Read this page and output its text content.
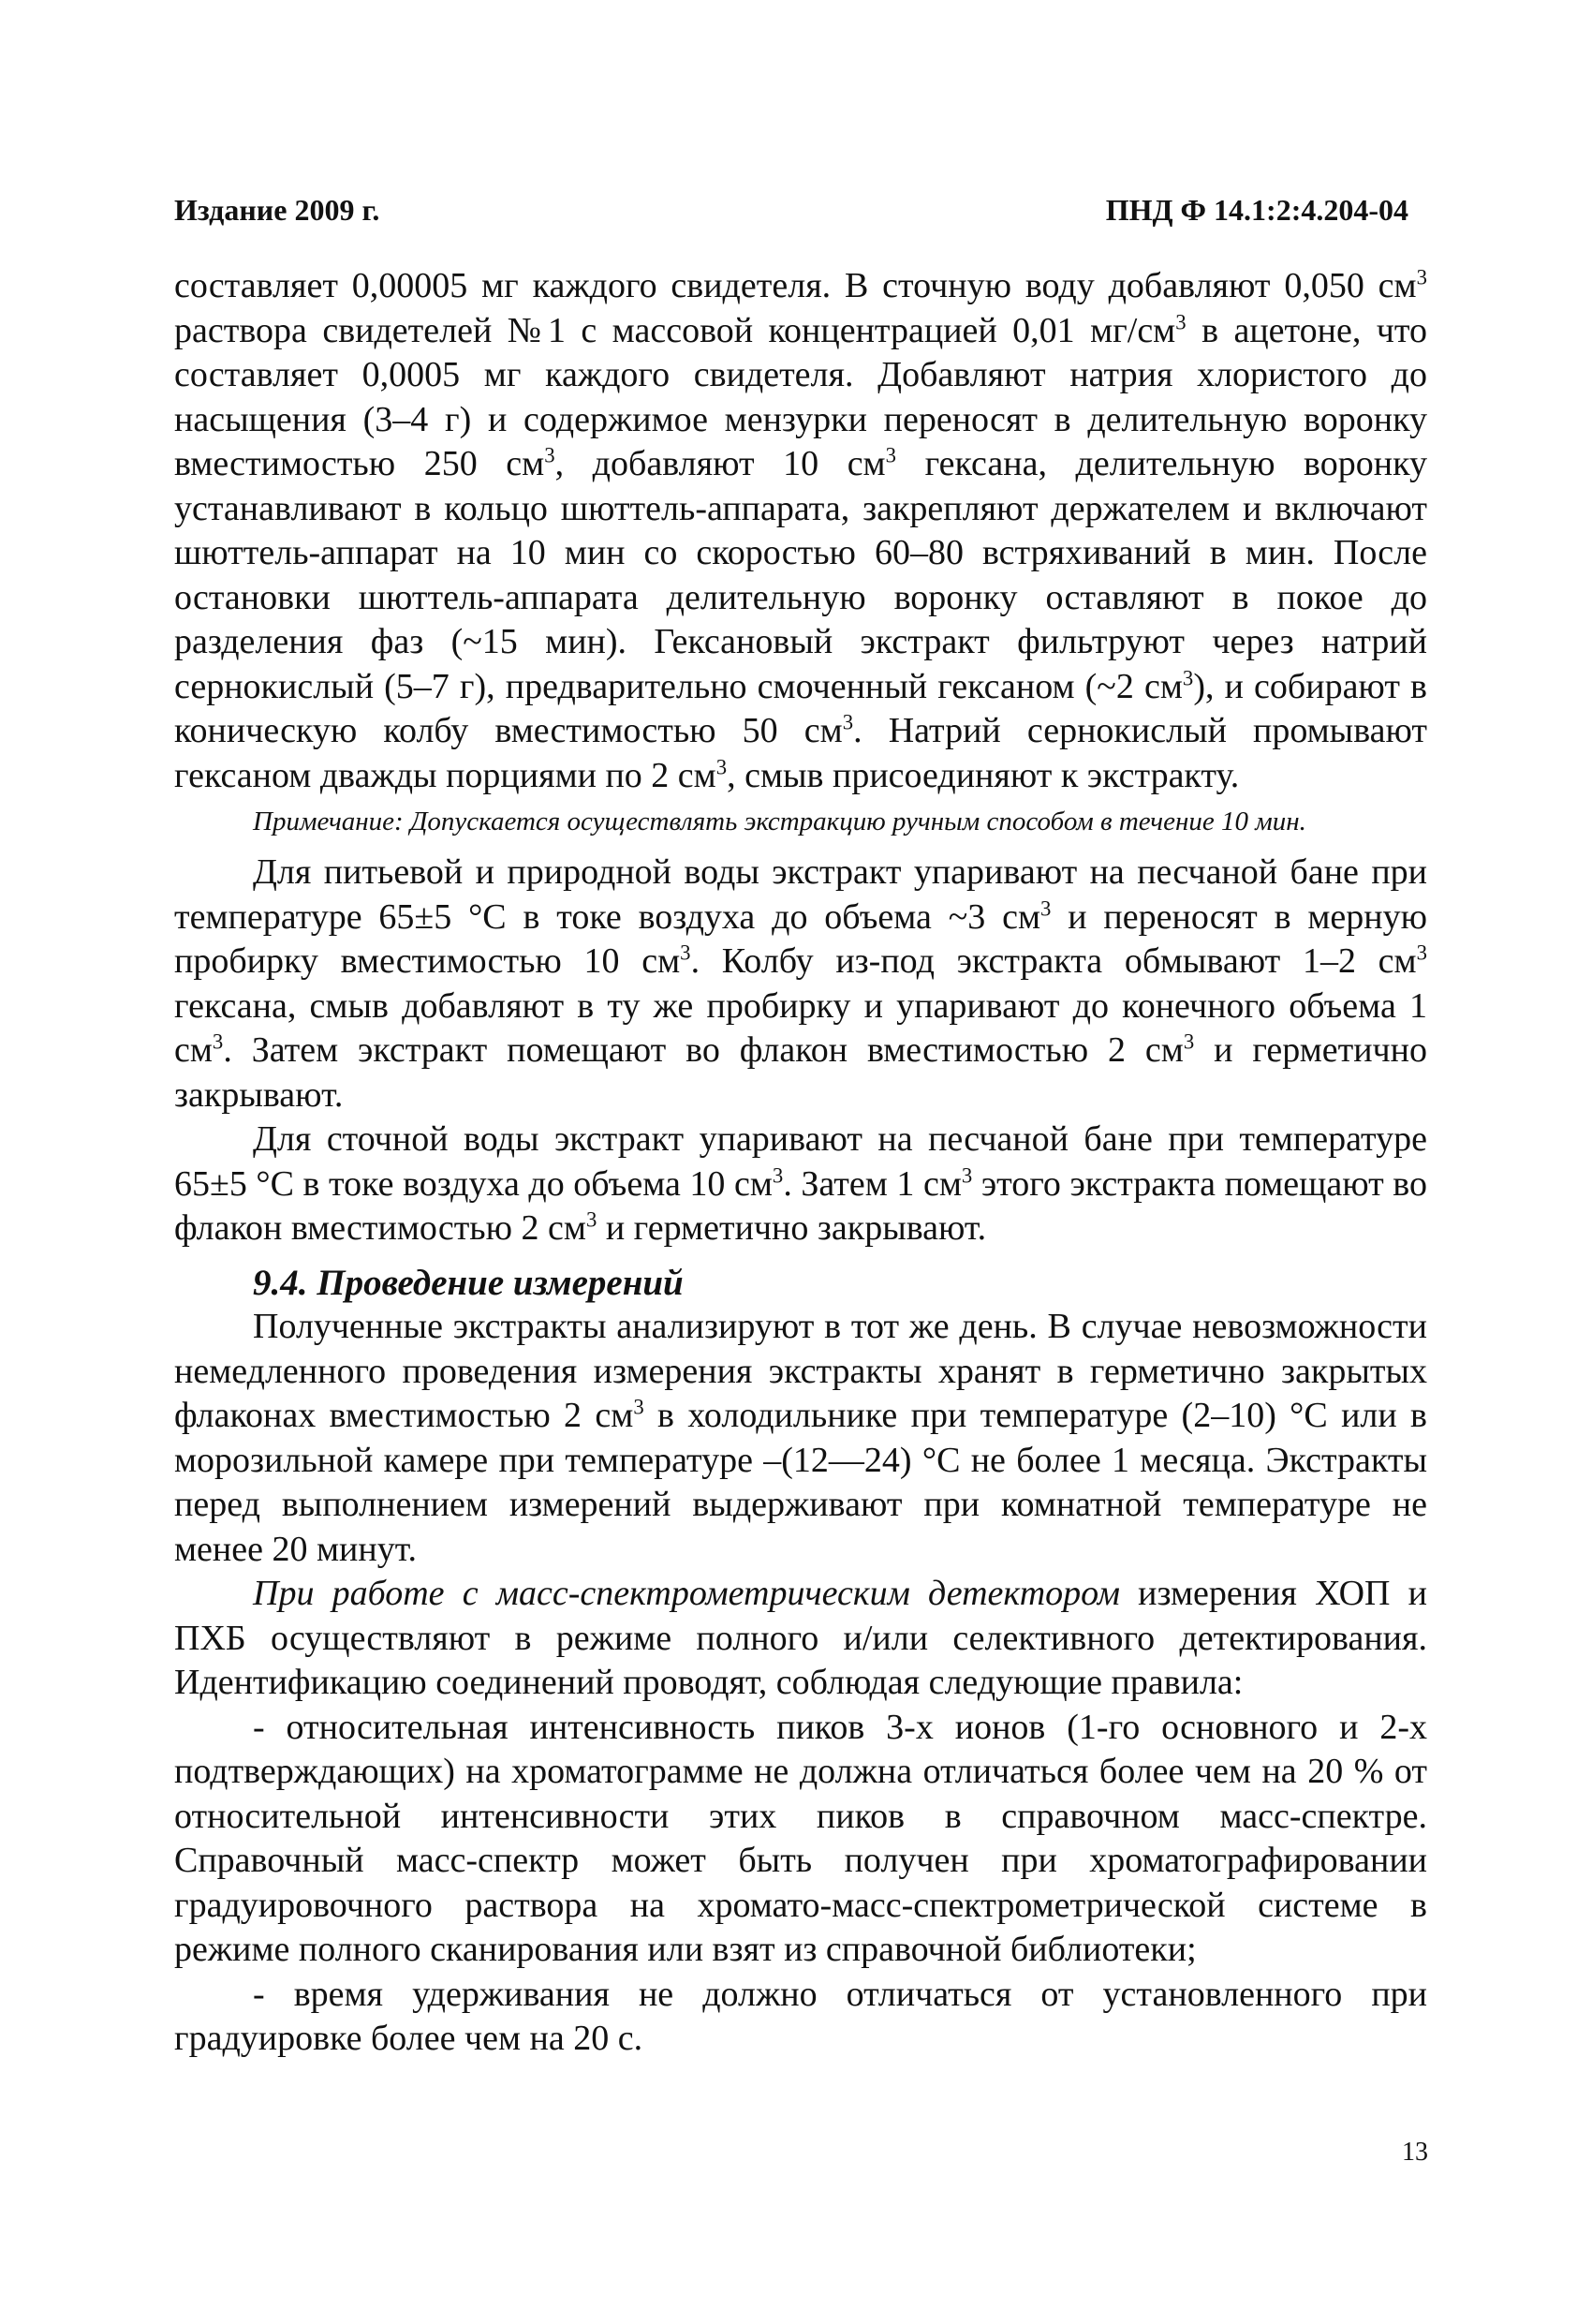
Издание 2009 г.	ПНД Ф 14.1:2:4.204-04

составляет 0,00005 мг каждого свидетеля. В сточную воду добавляют 0,050 $см^3$ раствора свидетелей №1 с массовой концентрацией 0,01 $мг/см^3$ в ацетоне, что составляет 0,0005 мг каждого свидетеля. Добавляют натрия хлористого до насыщения (3–4 г) и содержимое мензурки переносят в делительную воронку вместимостью 250 $см^3$, добавляют 10 $см^3$ гексана, делительную воронку устанавливают в кольцо шюттель-аппарата, закрепляют держателем и включают шюттель-аппарат на 10 мин со скоростью 60–80 встряхиваний в мин. После остановки шюттель-аппарата делительную воронку оставляют в покое до разделения фаз (~15 мин). Гексановый экстракт фильтруют через натрий сернокислый (5–7 г), предварительно смоченный гексаном (~2 $см^3$), и собирают в коническую колбу вместимостью 50 $см^3$. Натрий сернокислый промывают гексаном дважды порциями по 2 $см^3$, смыв присоединяют к экстракту.

Примечание: Допускается осуществлять экстракцию ручным способом в течение 10 мин.

Для питьевой и природной воды экстракт упаривают на песчаной бане при температуре 65±5 °С в токе воздуха до объема ~3 $см^3$ и переносят в мерную пробирку вместимостью 10 $см^3$. Колбу из-под экстракта обмывают 1–2 $см^3$ гексана, смыв добавляют в ту же пробирку и упаривают до конечного объема 1 $см^3$. Затем экстракт помещают во флакон вместимостью 2 $см^3$ и герметично закрывают.

Для сточной воды экстракт упаривают на песчаной бане при температуре 65±5 °С в токе воздуха до объема 10 $см^3$. Затем 1 $см^3$ этого экстракта помещают во флакон вместимостью 2 $см^3$ и герметично закрывают.

9.4. Проведение измерений

Полученные экстракты анализируют в тот же день. В случае невозможности немедленного проведения измерения экстракты хранят в герметично закрытых флаконах вместимостью 2 $см^3$ в холодильнике при температуре (2–10) °С или в морозильной камере при температуре –(12—24) °С не более 1 месяца. Экстракты перед выполнением измерений выдерживают при комнатной температуре не менее 20 минут.

При работе с масс-спектрометрическим детектором измерения ХОП и ПХБ осуществляют в режиме полного и/или селективного детектирования. Идентификацию соединений проводят, соблюдая следующие правила:

- относительная интенсивность пиков 3-х ионов (1-го основного и 2-х подтверждающих) на хроматограмме не должна отличаться более чем на 20 % от относительной интенсивности этих пиков в справочном масс-спектре. Справочный масс-спектр может быть получен при хроматографировании градуировочного раствора на хромато-масс-спектрометрической системе в режиме полного сканирования или взят из справочной библиотеки;

- время удерживания не должно отличаться от установленного при градуировке более чем на 20 с.

13
